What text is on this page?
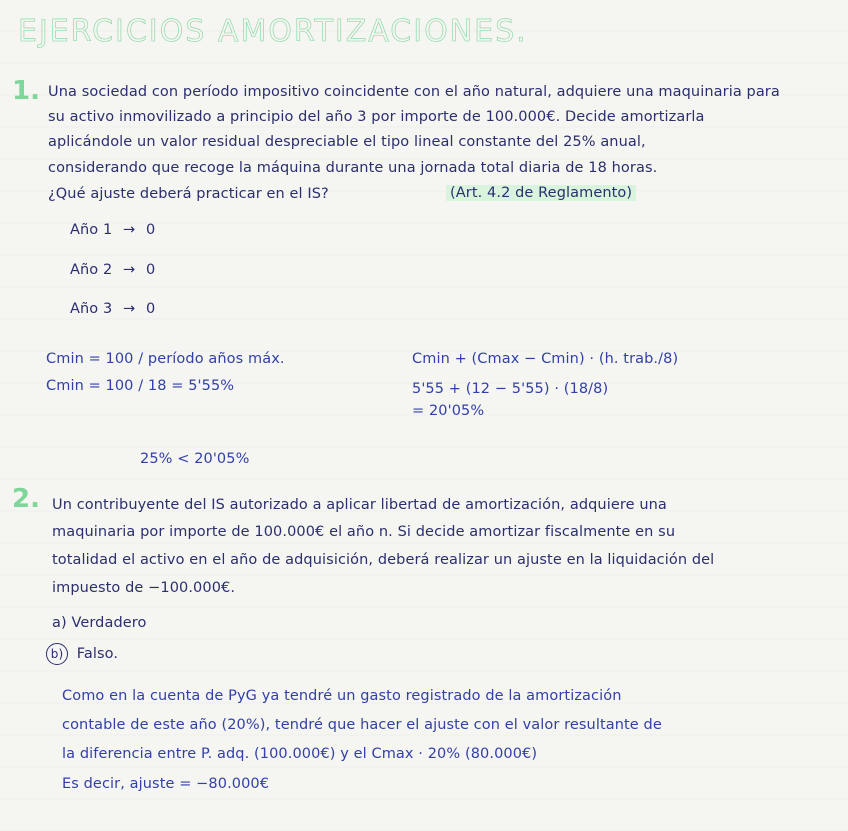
EJERCICIOS AMORTIZACIONES.
1. Una sociedad con período impositivo coincidente con el año natural, adquiere una maquinaria para
su activo inmovilizado a principio del año 3 por importe de 100.000€. Decide amortizarla
aplicándole un valor residual despreciable el tipo lineal constante del 25% anual,
considerando que recoge la máquina durante una jornada total diaria de 18 horas.
¿Qué ajuste deberá practicar en el IS?	(Art. 4.2 de Reglamento)
Año 1 → 0
Año 2 → 0
Año 3 → 0
Cmin = 100 / período años máx.
Cmin = 100 / 18 = 5'55%
Cmin + (Cmax − Cmin) · (h. trab./8)
5'55 + (12 − 5'55) · (18/8)
= 20'05%
25% < 20'05%
2. Un contribuyente del IS autorizado a aplicar libertad de amortización, adquiere una
maquinaria por importe de 100.000€ el año n. Si decide amortizar fiscalmente en su
totalidad el activo en el año de adquisición, deberá realizar un ajuste en la liquidación del
impuesto de −100.000€.
a) Verdadero
b) Falso.
Como en la cuenta de PyG ya tendré un gasto registrado de la amortización
contable de este año (20%), tendré que hacer el ajuste con el valor resultante de
la diferencia entre P. adq. (100.000€) y el Cmax · 20% (80.000€)
Es decir, ajuste = −80.000€
